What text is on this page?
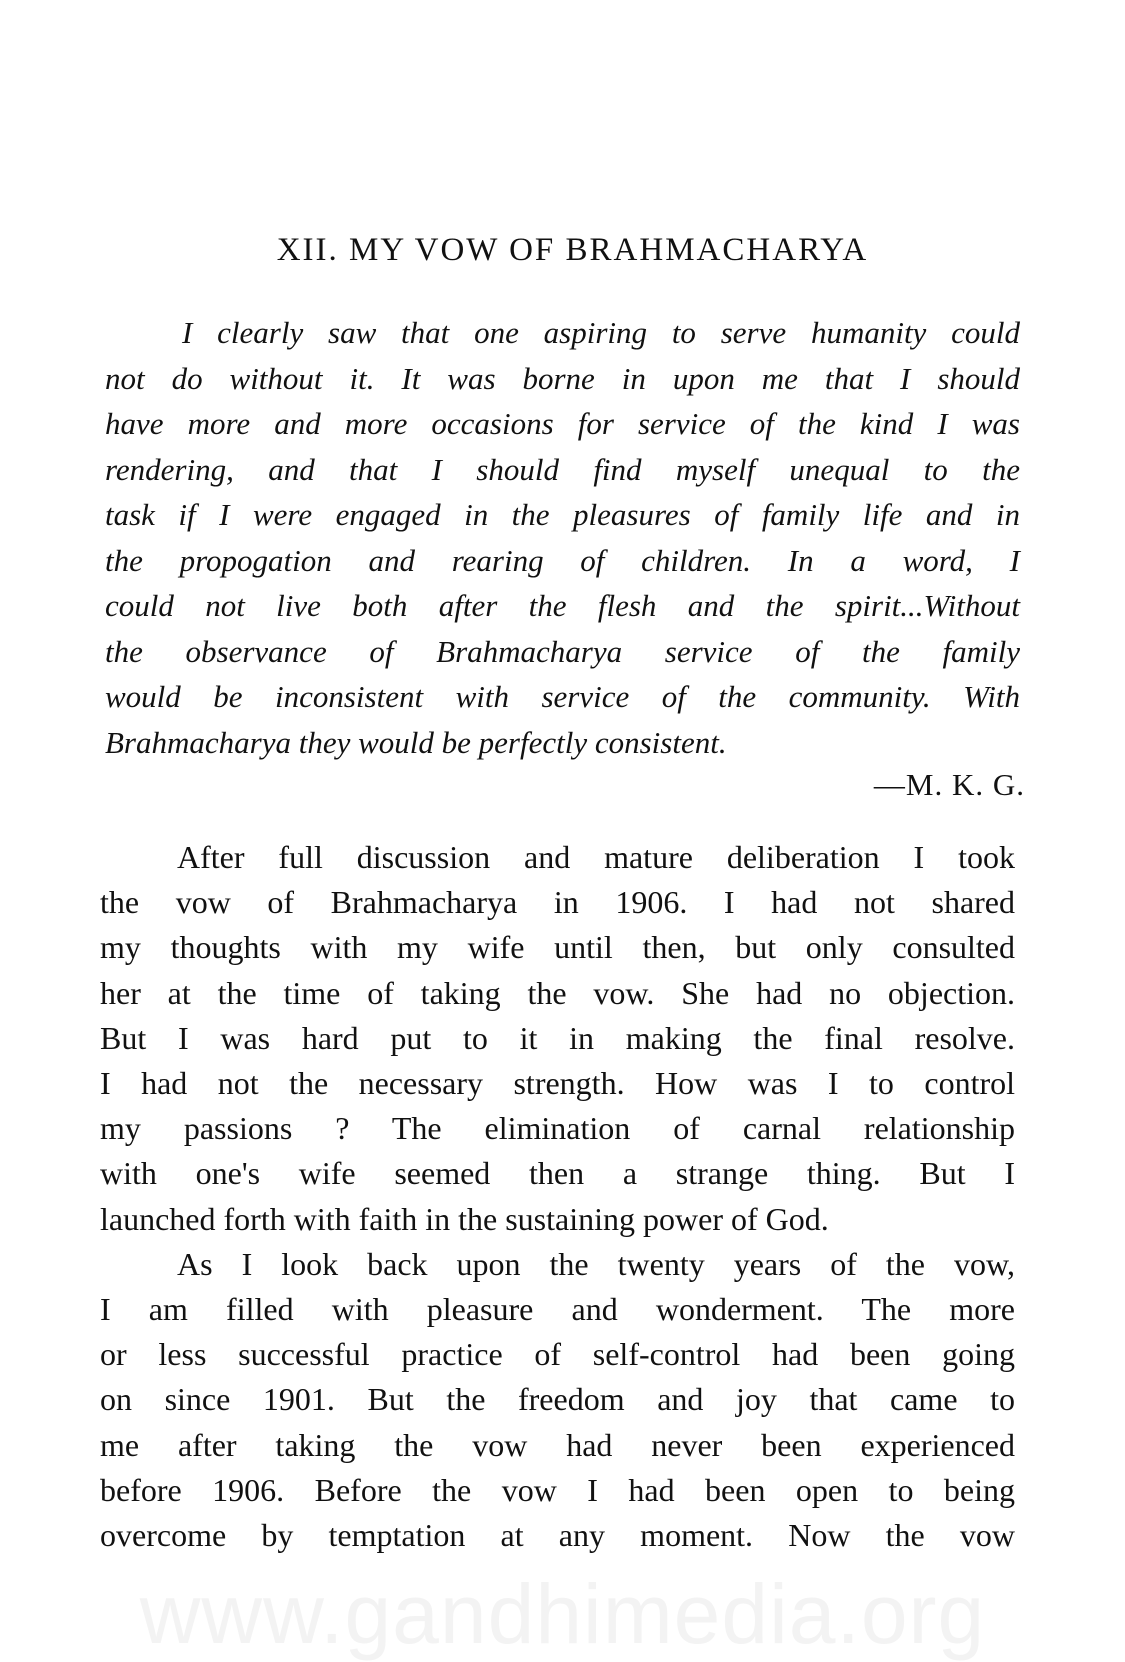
XII. MY VOW OF BRAHMACHARYA
I clearly saw that one aspiring to serve humanity could
not do without it. It was borne in upon me that I should
have more and more occasions for service of the kind I was
rendering, and that I should find myself unequal to the
task if I were engaged in the pleasures of family life and in
the propogation and rearing of children. In a word, I
could not live both after the flesh and the spirit...Without
the observance of Brahmacharya service of the family
would be inconsistent with service of the community. With
Brahmacharya they would be perfectly consistent.

—M. K. G.

After full discussion and mature deliberation I took
the vow of Brahmacharya in 1906. I had not shared
my thoughts with my wife until then, but only consulted
her at the time of taking the vow. She had no objection.
But I was hard put to it in making the final resolve.
I had not the necessary strength. How was I to control
my passions ? The elimination of carnal relationship
with one's wife seemed then a strange thing. But I
launched forth with faith in the sustaining power of God.
As I look back upon the twenty years of the vow,
I am filled with pleasure and wonderment. The more
or less successful practice of self-control had been going
on since 1901. But the freedom and joy that came to
me after taking the vow had never been experienced
before 1906. Before the vow I had been open to being
overcome by temptation at any moment. Now the vow
www.gandhimedia.org
